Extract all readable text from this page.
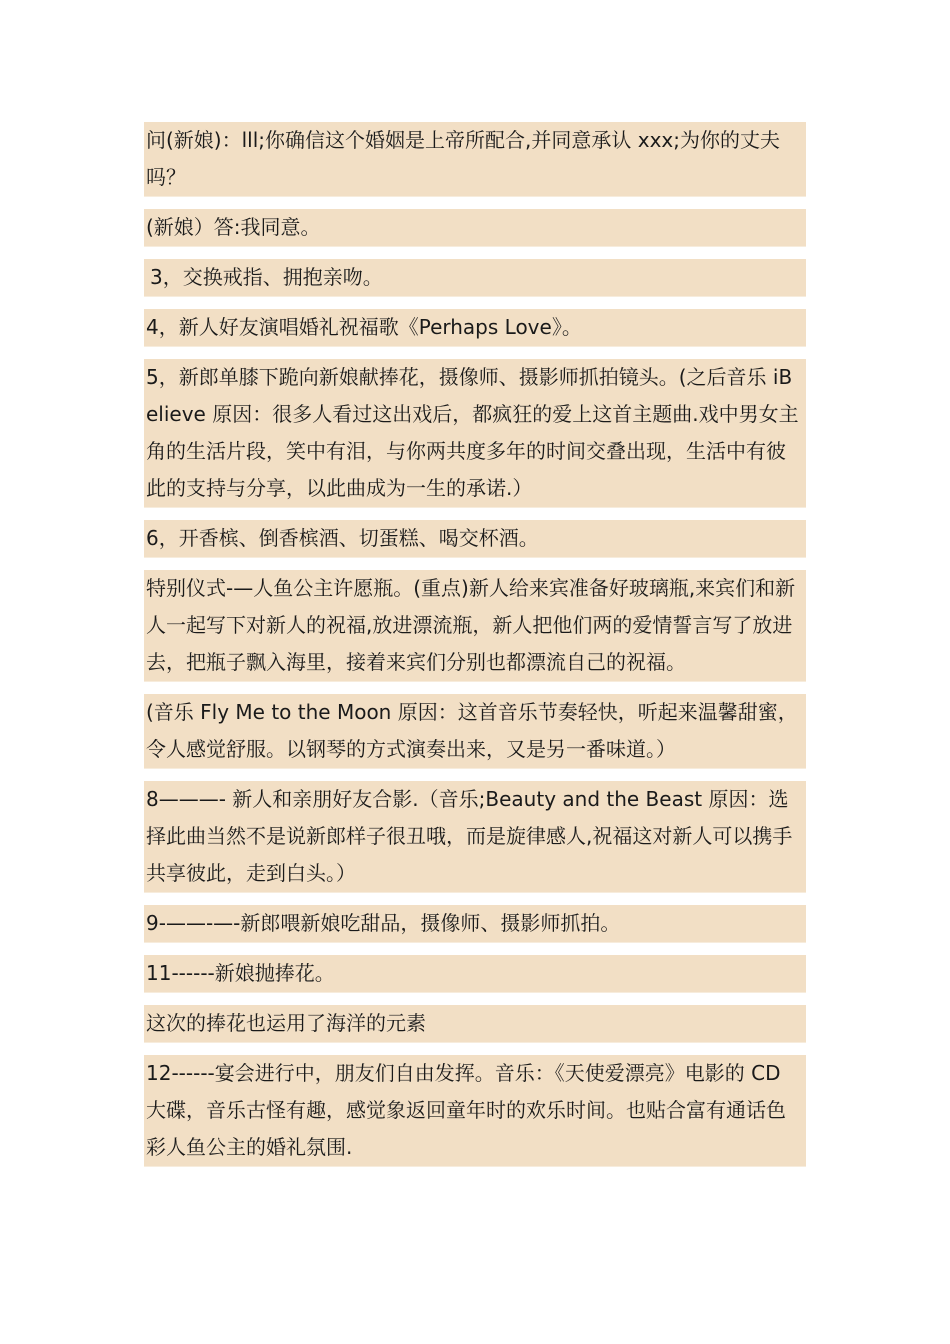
问(新娘)：lll;你确信这个婚姻是上帝所配合,并同意承认 xxx;为你的丈夫吗？

(新娘）答:我同意。

3，交换戒指、拥抱亲吻。

4，新人好友演唱婚礼祝福歌《Perhaps Love》。

5，新郎单膝下跪向新娘献捧花，摄像师、摄影师抓拍镜头。(之后音乐 iBelieve 原因：很多人看过这出戏后，都疯狂的爱上这首主题曲.戏中男女主角的生活片段，笑中有泪，与你两共度多年的时间交叠出现，生活中有彼此的支持与分享，以此曲成为一生的承诺.）

6，开香槟、倒香槟酒、切蛋糕、喝交杯酒。

特别仪式-—人鱼公主许愿瓶。(重点)新人给来宾准备好玻璃瓶,来宾们和新人一起写下对新人的祝福,放进漂流瓶，新人把他们两的爱情誓言写了放进去，把瓶子飘入海里，接着来宾们分别也都漂流自己的祝福。

(音乐 Fly Me to the Moon 原因：这首音乐节奏轻快，听起来温馨甜蜜，令人感觉舒服。以钢琴的方式演奏出来，又是另一番味道。）

8———- 新人和亲朋好友合影.（音乐;Beauty and the Beast 原因：选择此曲当然不是说新郎样子很丑哦，而是旋律感人,祝福这对新人可以携手共享彼此，走到白头。）

9-——-—-新郎喂新娘吃甜品，摄像师、摄影师抓拍。

11------新娘抛捧花。

这次的捧花也运用了海洋的元素

12------宴会进行中，朋友们自由发挥。音乐：《天使爱漂亮》电影的 CD 大碟，音乐古怪有趣，感觉象返回童年时的欢乐时间。也贴合富有通话色彩人鱼公主的婚礼氛围.
